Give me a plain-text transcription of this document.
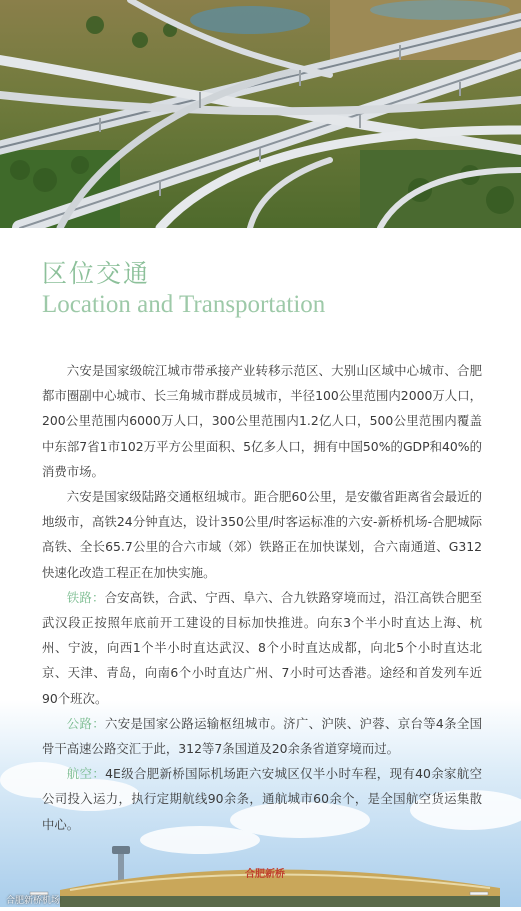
区位交通
Location and Transportation
合肥新桥

六安是国家级皖江城市带承接产业转移示范区、大别山区域中心城市、合肥都市圈副中心城市、长三角城市群成员城市，半径100公里范围内2000万人口，200公里范围内6000万人口，300公里范围内1.2亿人口，500公里范围内覆盖中东部7省1市102万平方公里面积、5亿多人口，拥有中国50%的GDP和40%的消费市场。

六安是国家级陆路交通枢纽城市。距合肥60公里，是安徽省距离省会最近的地级市，高铁24分钟直达，设计350公里/时客运标准的六安-新桥机场-合肥城际高铁、全长65.7公里的合六市域（郊）铁路正在加快谋划，合六南通道、G312快速化改造工程正在加快实施。

铁路：合安高铁，合武、宁西、阜六、合九铁路穿境而过，沿江高铁合肥至武汉段正按照年底前开工建设的目标加快推进。向东3个半小时直达上海、杭州、宁波，向西1个半小时直达武汉、8个小时直达成都，向北5个小时直达北京、天津、青岛，向南6个小时直达广州、7小时可达香港。途经和首发列车近90个班次。

公路：六安是国家公路运输枢纽城市。济广、沪陕、沪蓉、京台等4条全国骨干高速公路交汇于此，312等7条国道及20余条省道穿境而过。

航空：4E级合肥新桥国际机场距六安城区仅半小时车程，现有40余家航空公司投入运力，执行定期航线90余条，通航城市60余个，是全国航空货运集散中心。

合肥新桥机场
